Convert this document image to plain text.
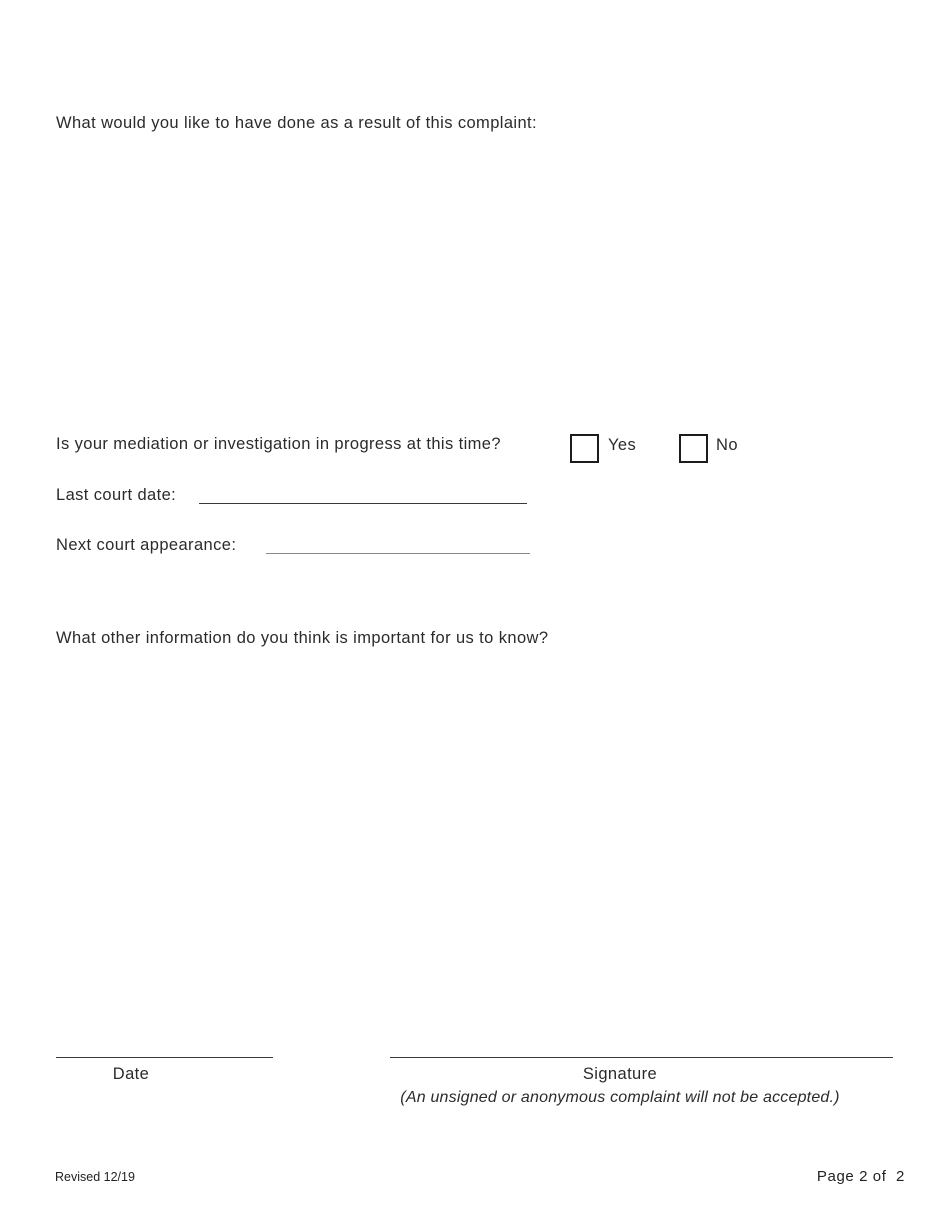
What would you like to have done as a result of this complaint:
Is your mediation or investigation in progress at this time?	Yes	No
Last court date:
Next court appearance:
What other information do you think is important for us to know?
Date	Signature
(An unsigned or anonymous complaint will not be accepted.)
Revised 12/19	Page 2 of  2
